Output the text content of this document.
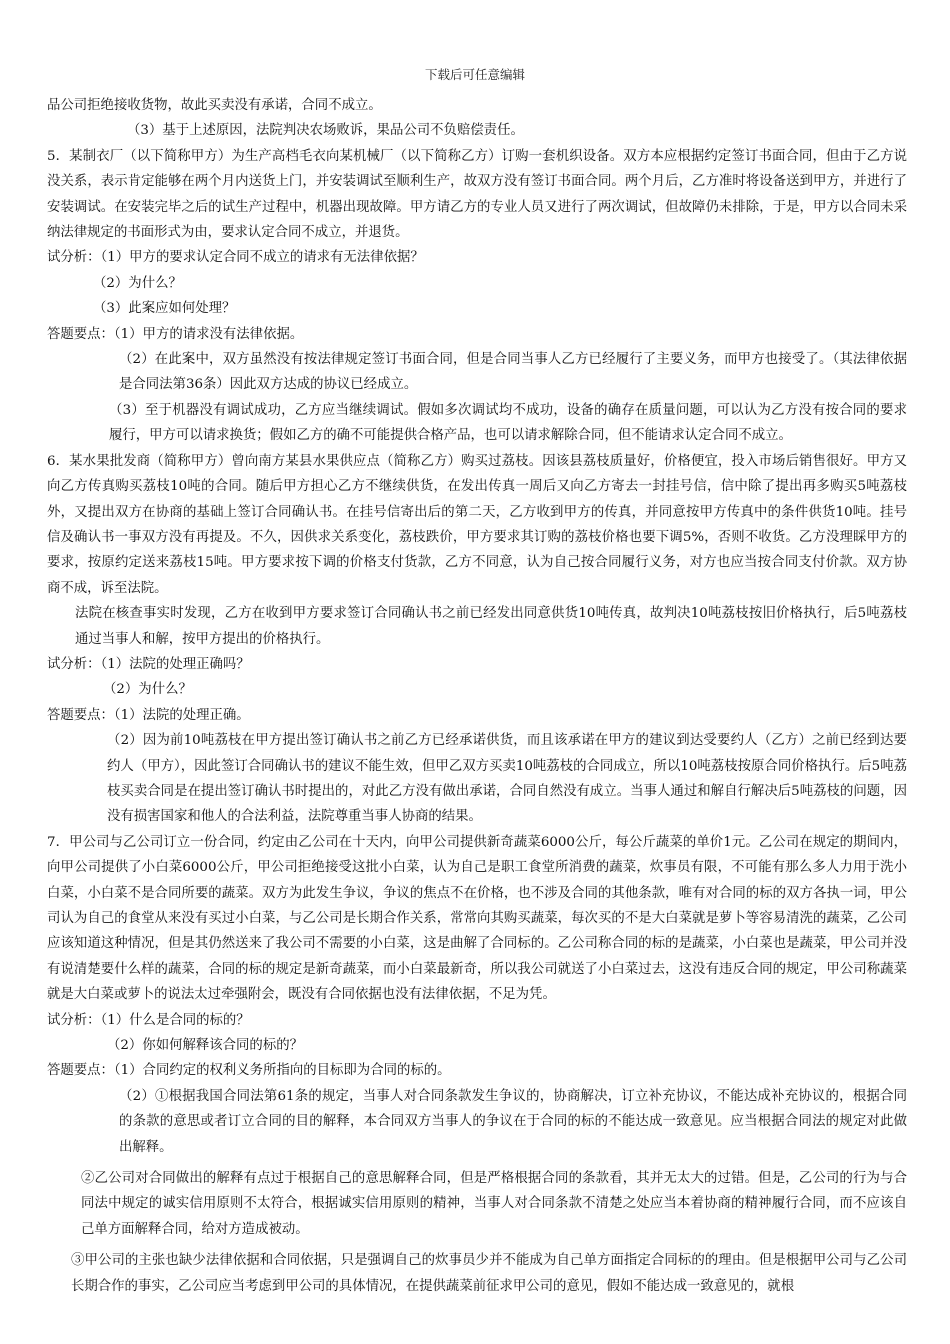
下载后可任意编辑

品公司拒绝接收货物，故此买卖没有承诺，合同不成立。

（3）基于上述原因，法院判决农场败诉，果品公司不负赔偿责任。

5．某制衣厂（以下简称甲方）为生产高档毛衣向某机械厂（以下简称乙方）订购一套机织设备。双方本应根据约定签订书面合同，但由于乙方说没关系，表示肯定能够在两个月内送货上门，并安装调试至顺利生产，故双方没有签订书面合同。两个月后，乙方准时将设备送到甲方，并进行了安装调试。在安装完毕之后的试生产过程中，机器出现故障。甲方请乙方的专业人员又进行了两次调试，但故障仍未排除，于是，甲方以合同未采纳法律规定的书面形式为由，要求认定合同不成立，并退货。

试分析：（1）甲方的要求认定合同不成立的请求有无法律依据？

（2）为什么？

（3）此案应如何处理？

答题要点：（1）甲方的请求没有法律依据。

（2）在此案中，双方虽然没有按法律规定签订书面合同，但是合同当事人乙方已经履行了主要义务，而甲方也接受了。（其法律依据是合同法第36条）因此双方达成的协议已经成立。

（3）至于机器没有调试成功，乙方应当继续调试。假如多次调试均不成功，设备的确存在质量问题，可以认为乙方没有按合同的要求履行，甲方可以请求换货；假如乙方的确不可能提供合格产品，也可以请求解除合同，但不能请求认定合同不成立。

6．某水果批发商（简称甲方）曾向南方某县水果供应点（简称乙方）购买过荔枝。因该县荔枝质量好，价格便宜，投入市场后销售很好。甲方又向乙方传真购买荔枝10吨的合同。随后甲方担心乙方不继续供货，在发出传真一周后又向乙方寄去一封挂号信，信中除了提出再多购买5吨荔枝外，又提出双方在协商的基础上签订合同确认书。在挂号信寄出后的第二天，乙方收到甲方的传真，并同意按甲方传真中的条件供货10吨。挂号信及确认书一事双方没有再提及。不久，因供求关系变化，荔枝跌价，甲方要求其订购的荔枝价格也要下调5%，否则不收货。乙方没理睬甲方的要求，按原约定送来荔枝15吨。甲方要求按下调的价格支付货款，乙方不同意，认为自己按合同履行义务，对方也应当按合同支付价款。双方协商不成，诉至法院。

法院在核查事实时发现，乙方在收到甲方要求签订合同确认书之前已经发出同意供货10吨传真，故判决10吨荔枝按旧价格执行，后5吨荔枝通过当事人和解，按甲方提出的价格执行。

试分析：（1）法院的处理正确吗？

（2）为什么？

答题要点：（1）法院的处理正确。

（2）因为前10吨荔枝在甲方提出签订确认书之前乙方已经承诺供货，而且该承诺在甲方的建议到达受要约人（乙方）之前已经到达要约人（甲方），因此签订合同确认书的建议不能生效，但甲乙双方买卖10吨荔枝的合同成立，所以10吨荔枝按原合同价格执行。后5吨荔枝买卖合同是在提出签订确认书时提出的，对此乙方没有做出承诺，合同自然没有成立。当事人通过和解自行解决后5吨荔枝的问题，因没有损害国家和他人的合法利益，法院尊重当事人协商的结果。

7．甲公司与乙公司订立一份合同，约定由乙公司在十天内，向甲公司提供新奇蔬菜6000公斤，每公斤蔬菜的单价1元。乙公司在规定的期间内，向甲公司提供了小白菜6000公斤，甲公司拒绝接受这批小白菜，认为自己是职工食堂所消费的蔬菜，炊事员有限，不可能有那么多人力用于洗小白菜，小白菜不是合同所要的蔬菜。双方为此发生争议，争议的焦点不在价格，也不涉及合同的其他条款，唯有对合同的标的双方各执一词，甲公司认为自己的食堂从来没有买过小白菜，与乙公司是长期合作关系，常常向其购买蔬菜，每次买的不是大白菜就是萝卜等容易清洗的蔬菜，乙公司应该知道这种情况，但是其仍然送来了我公司不需要的小白菜，这是曲解了合同标的。乙公司称合同的标的是蔬菜，小白菜也是蔬菜，甲公司并没有说清楚要什么样的蔬菜，合同的标的规定是新奇蔬菜，而小白菜最新奇，所以我公司就送了小白菜过去，这没有违反合同的规定，甲公司称蔬菜就是大白菜或萝卜的说法太过牵强附会，既没有合同依据也没有法律依据，不足为凭。

试分析：（1）什么是合同的标的？

（2）你如何解释该合同的标的？

答题要点：（1）合同约定的权利义务所指向的目标即为合同的标的。

（2）①根据我国合同法第61条的规定，当事人对合同条款发生争议的，协商解决，订立补充协议，不能达成补充协议的，根据合同的条款的意思或者订立合同的目的解释，本合同双方当事人的争议在于合同的标的不能达成一致意见。应当根据合同法的规定对此做出解释。

②乙公司对合同做出的解释有点过于根据自己的意思解释合同，但是严格根据合同的条款看，其并无太大的过错。但是，乙公司的行为与合同法中规定的诚实信用原则不太符合，根据诚实信用原则的精神，当事人对合同条款不清楚之处应当本着协商的精神履行合同，而不应该自己单方面解释合同，给对方造成被动。

③甲公司的主张也缺少法律依据和合同依据，只是强调自己的炊事员少并不能成为自己单方面指定合同标的的理由。但是根据甲公司与乙公司长期合作的事实，乙公司应当考虑到甲公司的具体情况，在提供蔬菜前征求甲公司的意见，假如不能达成一致意见的，就根
